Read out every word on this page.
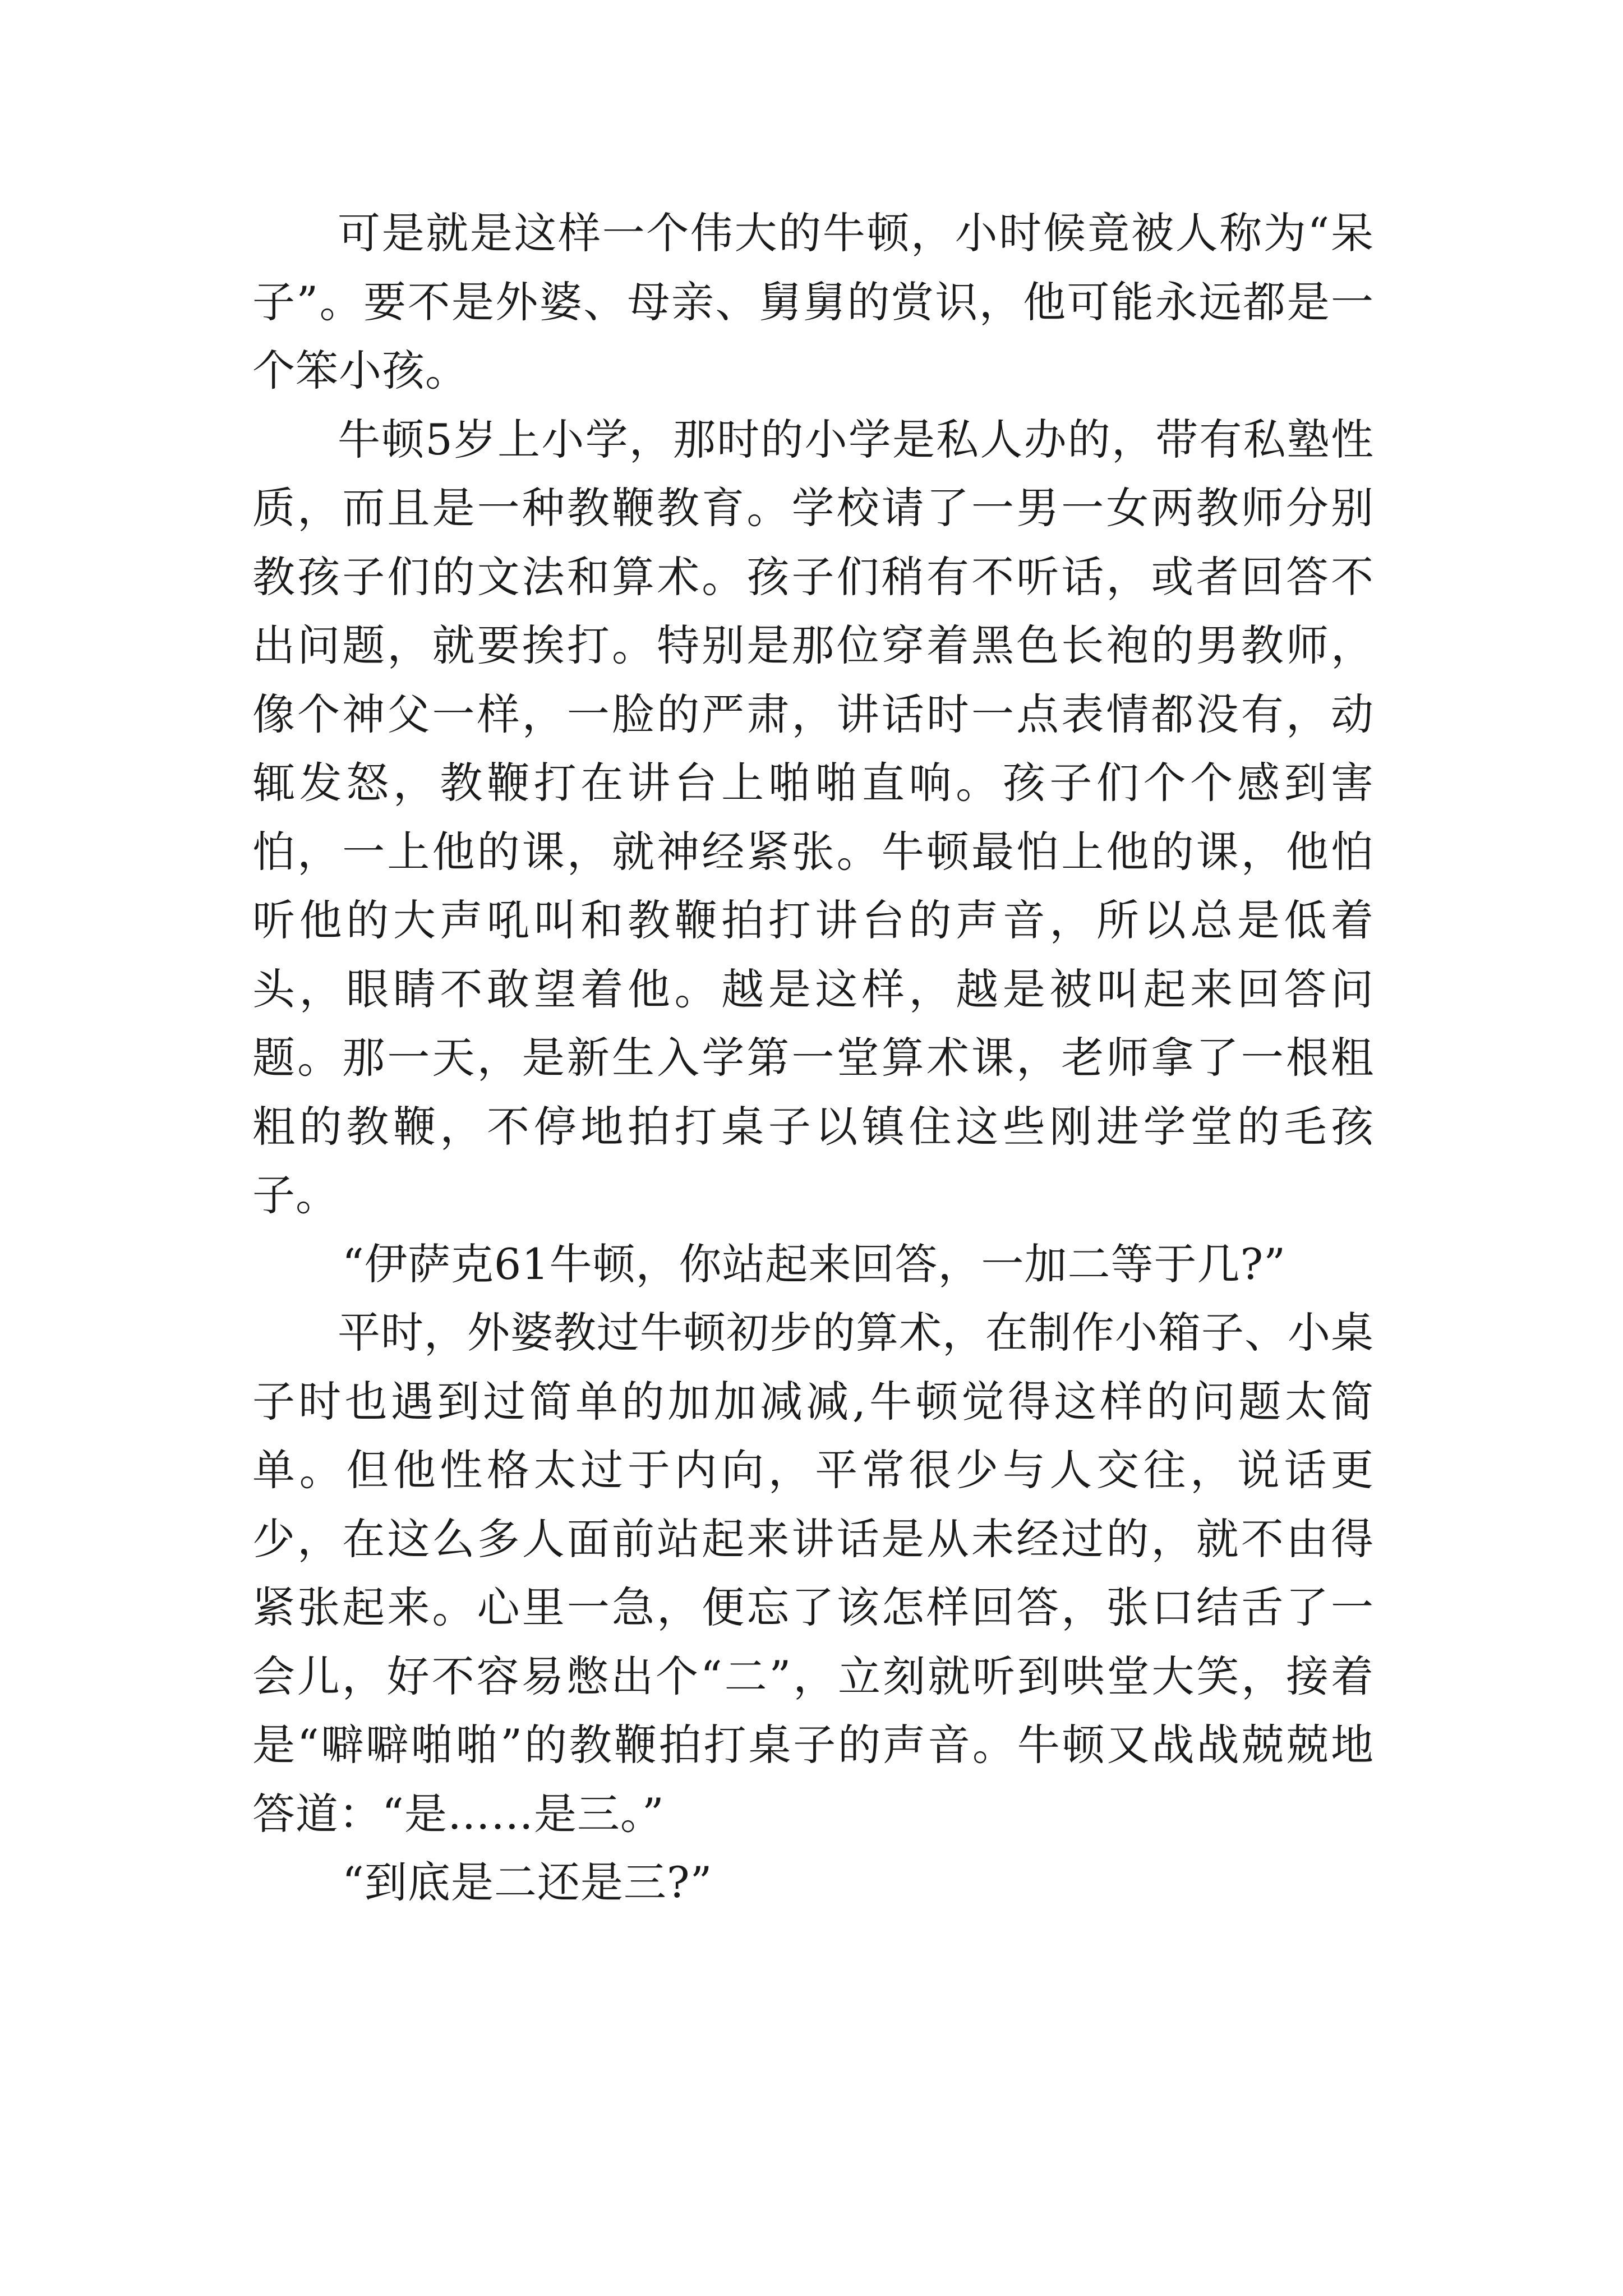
可是就是这样一个伟大的牛顿，小时候竟被人称为“呆子”。要不是外婆、母亲、舅舅的赏识，他可能永远都是一个笨小孩。

牛顿5岁上小学，那时的小学是私人办的，带有私塾性质，而且是一种教鞭教育。学校请了一男一女两教师分别教孩子们的文法和算术。孩子们稍有不听话，或者回答不出问题，就要挨打。特别是那位穿着黑色长袍的男教师，像个神父一样，一脸的严肃，讲话时一点表情都没有，动辄发怒，教鞭打在讲台上啪啪直响。孩子们个个感到害怕，一上他的课，就神经紧张。牛顿最怕上他的课，他怕听他的大声吼叫和教鞭拍打讲台的声音，所以总是低着头，眼睛不敢望着他。越是这样，越是被叫起来回答问题。那一天，是新生入学第一堂算术课，老师拿了一根粗粗的教鞭，不停地拍打桌子以镇住这些刚进学堂的毛孩子。

“伊萨克61牛顿，你站起来回答，一加二等于几?”

平时，外婆教过牛顿初步的算术，在制作小箱子、小桌子时也遇到过简单的加加减减,牛顿觉得这样的问题太简单。但他性格太过于内向，平常很少与人交往，说话更少，在这么多人面前站起来讲话是从未经过的，就不由得紧张起来。心里一急，便忘了该怎样回答，张口结舌了一会儿，好不容易憋出个“二”，立刻就听到哄堂大笑，接着是“噼噼啪啪”的教鞭拍打桌子的声音。牛顿又战战兢兢地答道：“是……是三。”

“到底是二还是三?”
